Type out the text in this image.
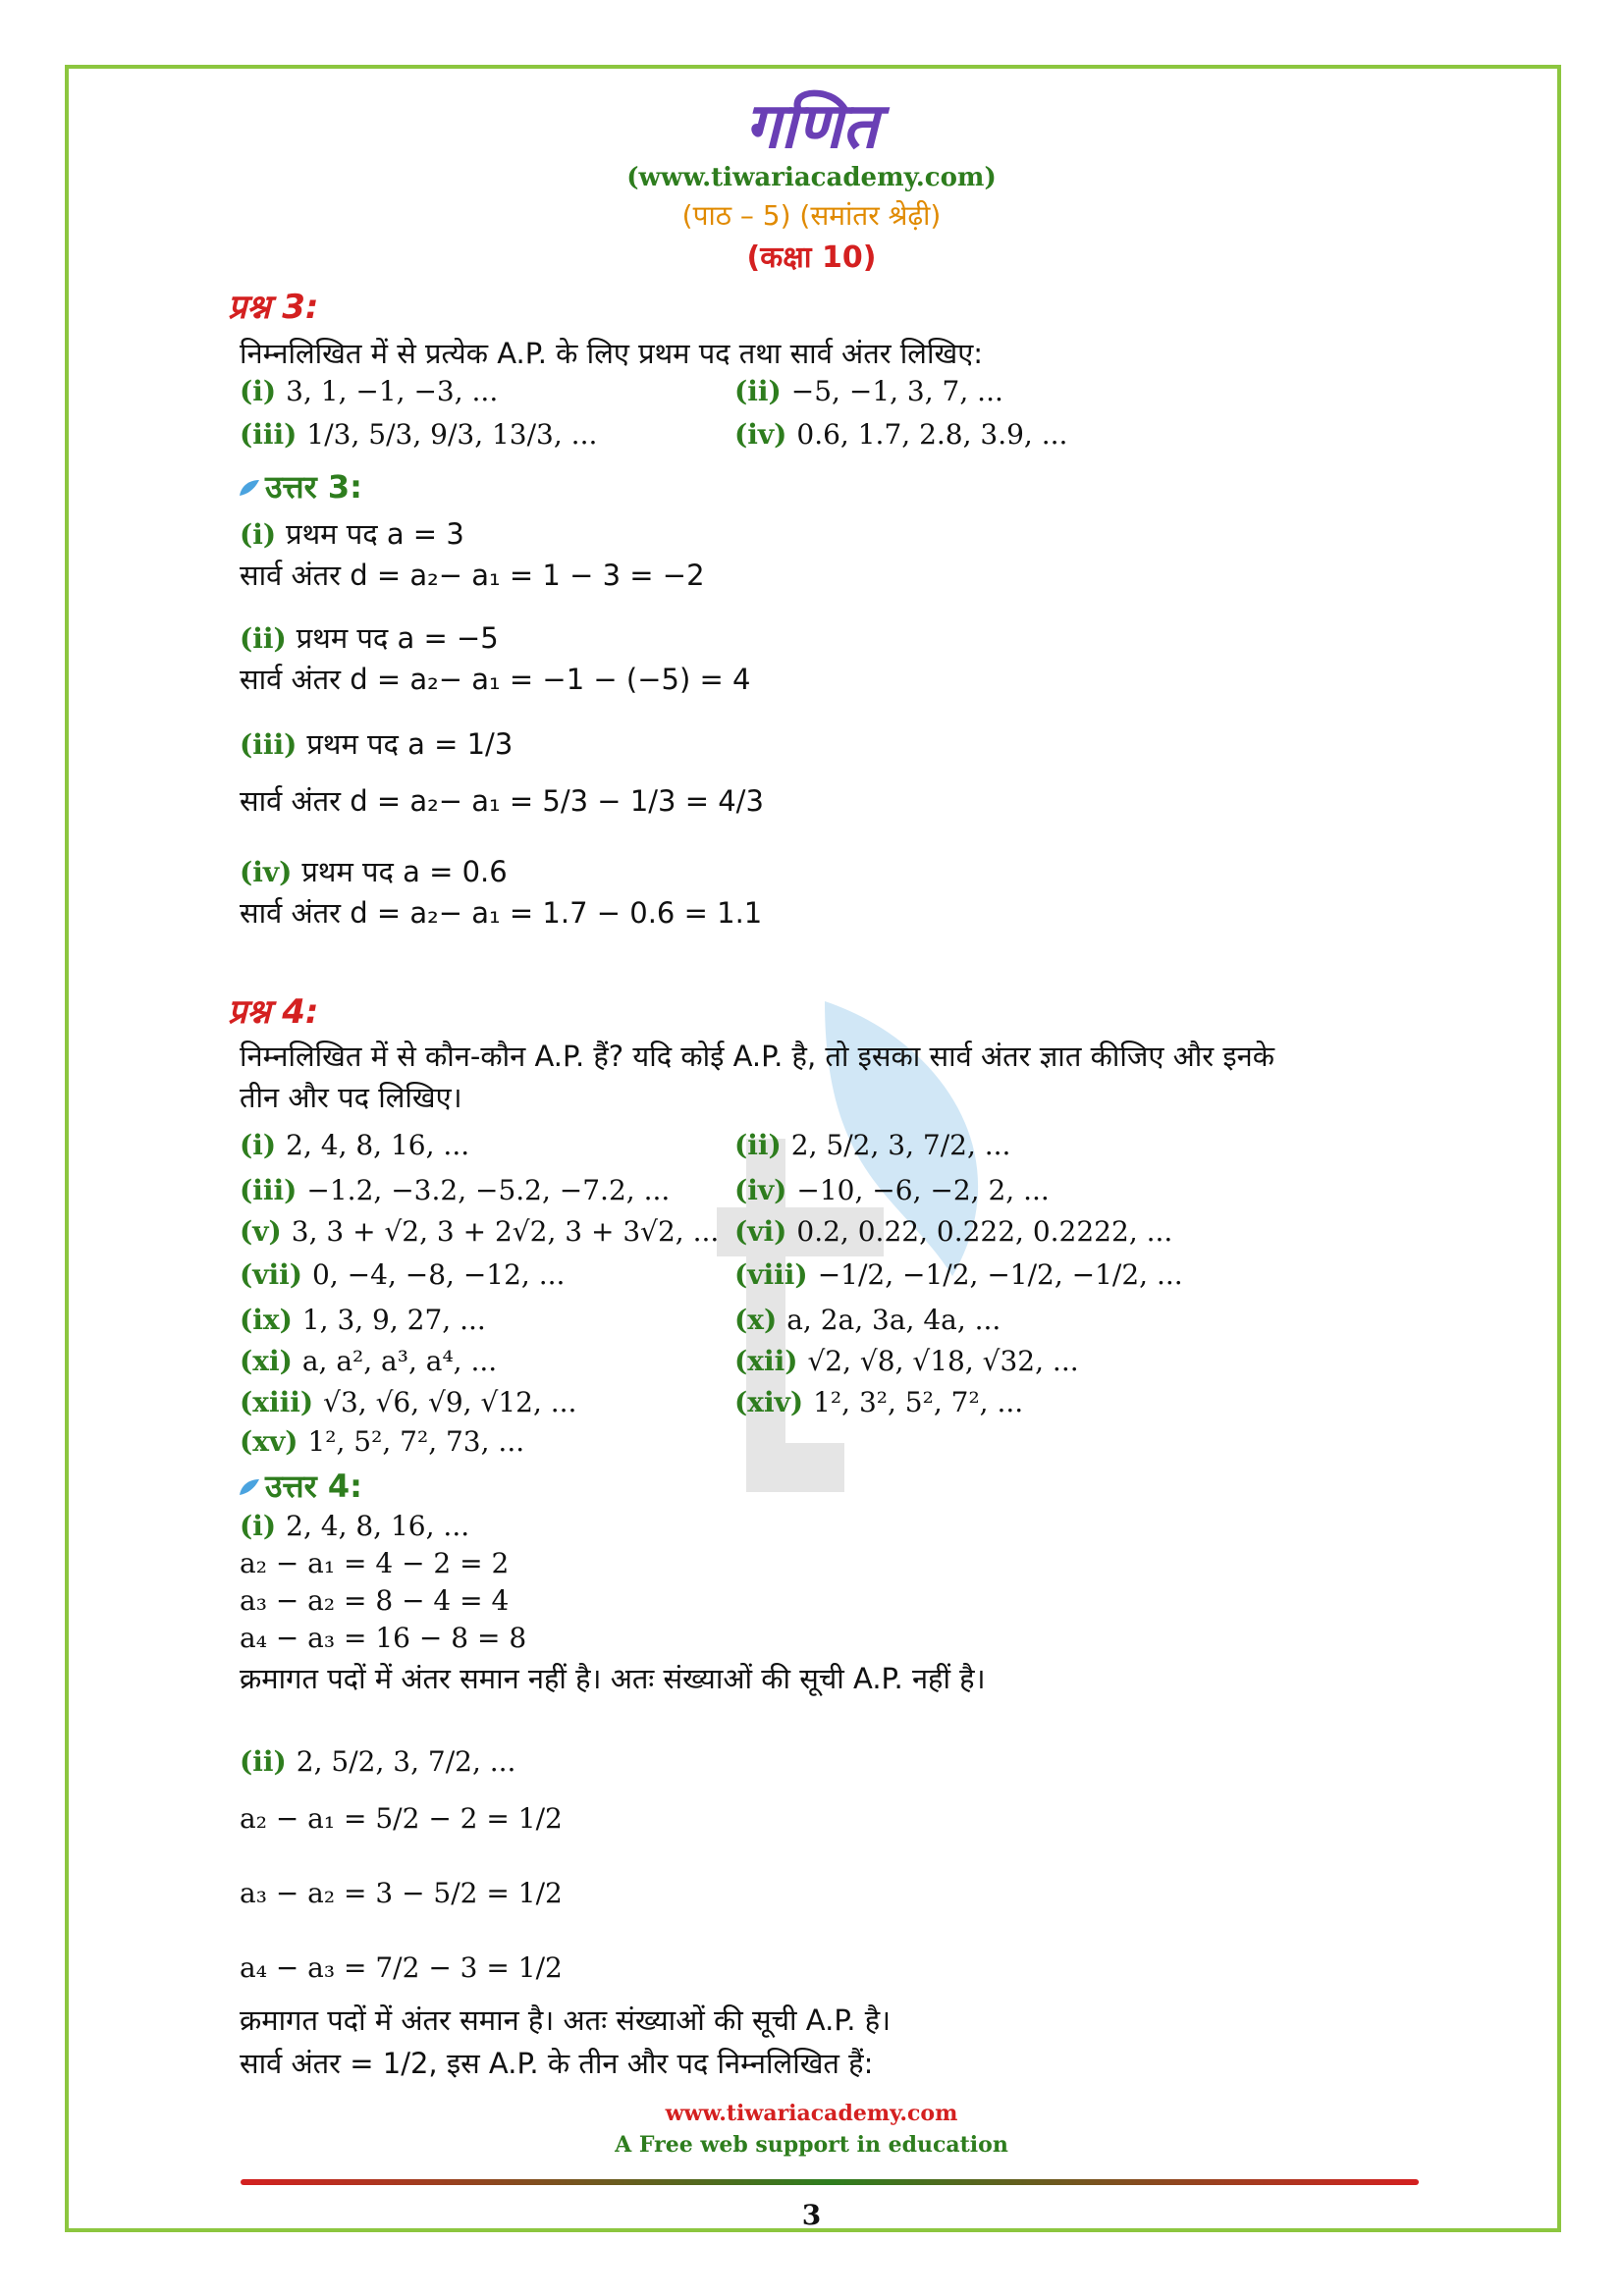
गणित
(www.tiwariacademy.com)
(पाठ – 5) (समांतर श्रेढ़ी)
(कक्षा 10)
प्रश्न 3:
निम्नलिखित में से प्रत्येक A.P. के लिए प्रथम पद तथा सार्व अंतर लिखिए:
(i) 3, 1, −1, −3, ...	(ii) −5, −1, 3, 7, ...
(iii) 1/3, 5/3, 9/3, 13/3, ...	(iv) 0.6, 1.7, 2.8, 3.9, ...
उत्तर 3:
(i) प्रथम पद a = 3
सार्व अंतर d = a₂− a₁ = 1 − 3 = −2
(ii) प्रथम पद a = −5
सार्व अंतर d = a₂− a₁ = −1 − (−5) = 4
(iii) प्रथम पद a = 1/3
सार्व अंतर d = a₂− a₁ = 5/3 − 1/3 = 4/3
(iv) प्रथम पद a = 0.6
सार्व अंतर d = a₂− a₁ = 1.7 − 0.6 = 1.1
प्रश्न 4:
निम्नलिखित में से कौन-कौन A.P. हैं? यदि कोई A.P. है, तो इसका सार्व अंतर ज्ञात कीजिए और इनके
तीन और पद लिखिए।
(i) 2, 4, 8, 16, ...	(ii) 2, 5/2, 3, 7/2, ...
(iii) −1.2, −3.2, −5.2, −7.2, ... (iv) −10, −6, −2, 2, ...
(v) 3, 3 + √2, 3 + 2√2, 3 + 3√2, ... (vi) 0.2, 0.22, 0.222, 0.2222, ...
(vii) 0, −4, −8, −12, ...	(viii) −1/2, −1/2, −1/2, −1/2, ...
(ix) 1, 3, 9, 27, ...	(x) a, 2a, 3a, 4a, ...
(xi) a, a², a³, a⁴, ...	(xii) √2, √8, √18, √32, ...
(xiii) √3, √6, √9, √12, ...	(xiv) 1², 3², 5², 7², ...
(xv) 1², 5², 7², 73, ...
उत्तर 4:
(i) 2, 4, 8, 16, ...
a₂ − a₁ = 4 − 2 = 2
a₃ − a₂ = 8 − 4 = 4
a₄ − a₃ = 16 − 8 = 8
क्रमागत पदों में अंतर समान नहीं है। अतः संख्याओं की सूची A.P. नहीं है।
(ii) 2, 5/2, 3, 7/2, ...
a₂ − a₁ = 5/2 − 2 = 1/2
a₃ − a₂ = 3 − 5/2 = 1/2
a₄ − a₃ = 7/2 − 3 = 1/2
क्रमागत पदों में अंतर समान है। अतः संख्याओं की सूची A.P. है।
सार्व अंतर = 1/2, इस A.P. के तीन और पद निम्नलिखित हैं:
www.tiwariacademy.com
A Free web support in education
3
